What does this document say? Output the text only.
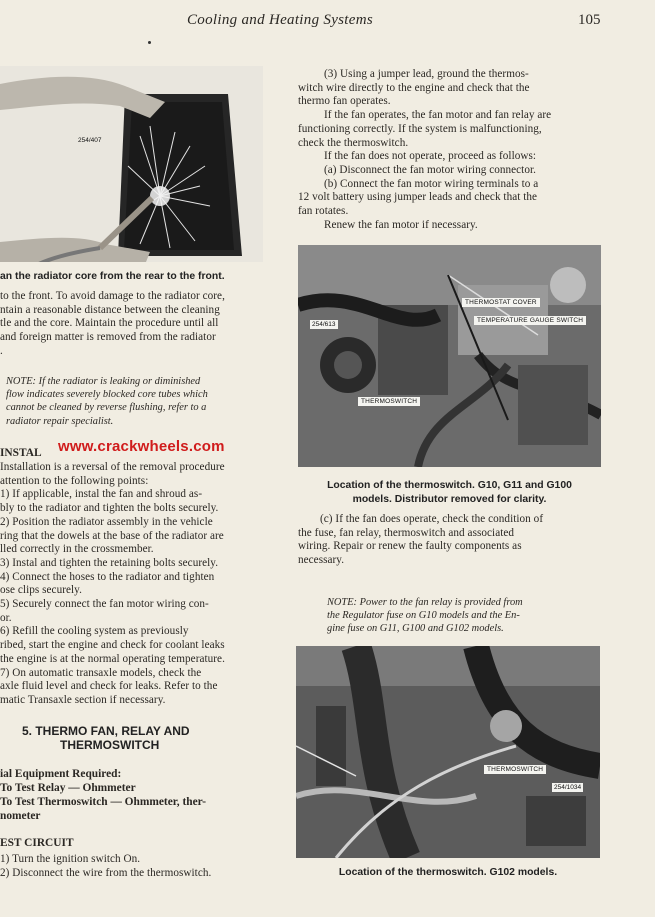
Cooling and Heating Systems	105
254/407
an the radiator core from the rear to the front.
to the front. To avoid damage to the radiator core,
ntain a reasonable distance between the cleaning
tle and the core. Maintain the procedure until all
and foreign matter is removed from the radiator
.
NOTE: If the radiator is leaking or diminished
flow indicates severely blocked core tubes which
cannot be cleaned by reverse flushing, refer to a
radiator repair specialist.
INSTAL www.crackwheels.com
Installation is a reversal of the removal procedure
attention to the following points:
1) If applicable, instal the fan and shroud as-
bly to the radiator and tighten the bolts securely.
2) Position the radiator assembly in the vehicle
ring that the dowels at the base of the radiator are
lled correctly in the crossmember.
3) Instal and tighten the retaining bolts securely.
4) Connect the hoses to the radiator and tighten
ose clips securely.
5) Securely connect the fan motor wiring con-
or.
6) Refill the cooling system as previously
ribed, start the engine and check for coolant leaks
the engine is at the normal operating temperature.
7) On automatic transaxle models, check the
axle fluid level and check for leaks. Refer to the
matic Transaxle section if necessary.
5. THERMO FAN, RELAY AND
THERMOSWITCH
ial Equipment Required:
To Test Relay — Ohmmeter
To Test Thermoswitch — Ohmmeter, ther-
nometer
EST CIRCUIT
1) Turn the ignition switch On.
2) Disconnect the wire from the thermoswitch.
(3) Using a jumper lead, ground the thermos-
witch wire directly to the engine and check that the
thermo fan operates.
If the fan operates, the fan motor and fan relay are
functioning correctly. If the system is malfunctioning,
check the thermoswitch.
If the fan does not operate, proceed as follows:
(a) Disconnect the fan motor wiring connector.
(b) Connect the fan motor wiring terminals to a
12 volt battery using jumper leads and check that the
fan rotates.
Renew the fan motor if necessary.
THERMOSTAT COVER
TEMPERATURE GAUGE SWITCH
THERMOSWITCH
254/613
Location of the thermoswitch. G10, G11 and G100
models. Distributor removed for clarity.
(c) If the fan does operate, check the condition of
the fuse, fan relay, thermoswitch and associated
wiring. Repair or renew the faulty components as
necessary.
NOTE: Power to the fan relay is provided from
the Regulator fuse on G10 models and the En-
gine fuse on G11, G100 and G102 models.
THERMOSWITCH
254/1034
Location of the thermoswitch. G102 models.
